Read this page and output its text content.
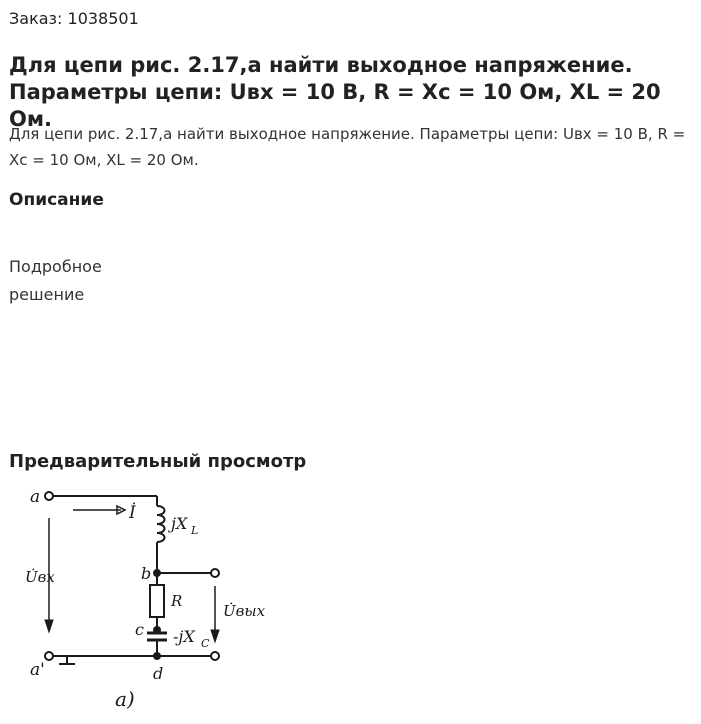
Заказ: 1038501
Для цепи рис. 2.17,а найти выходное напряжение. Параметры цепи: Uвх = 10 В, R = Xc = 10 Ом, XL = 20 Ом.
Для цепи рис. 2.17,а найти выходное напряжение. Параметры цепи: Uвх = 10 В, R = Xc = 10 Ом, XL = 20 Ом.
Описание
Подробное решение
Предварительный просмотр
a
a'
b
c
d
İ
jX L
R
-jX C
U̇вх
U̇вых
а)
